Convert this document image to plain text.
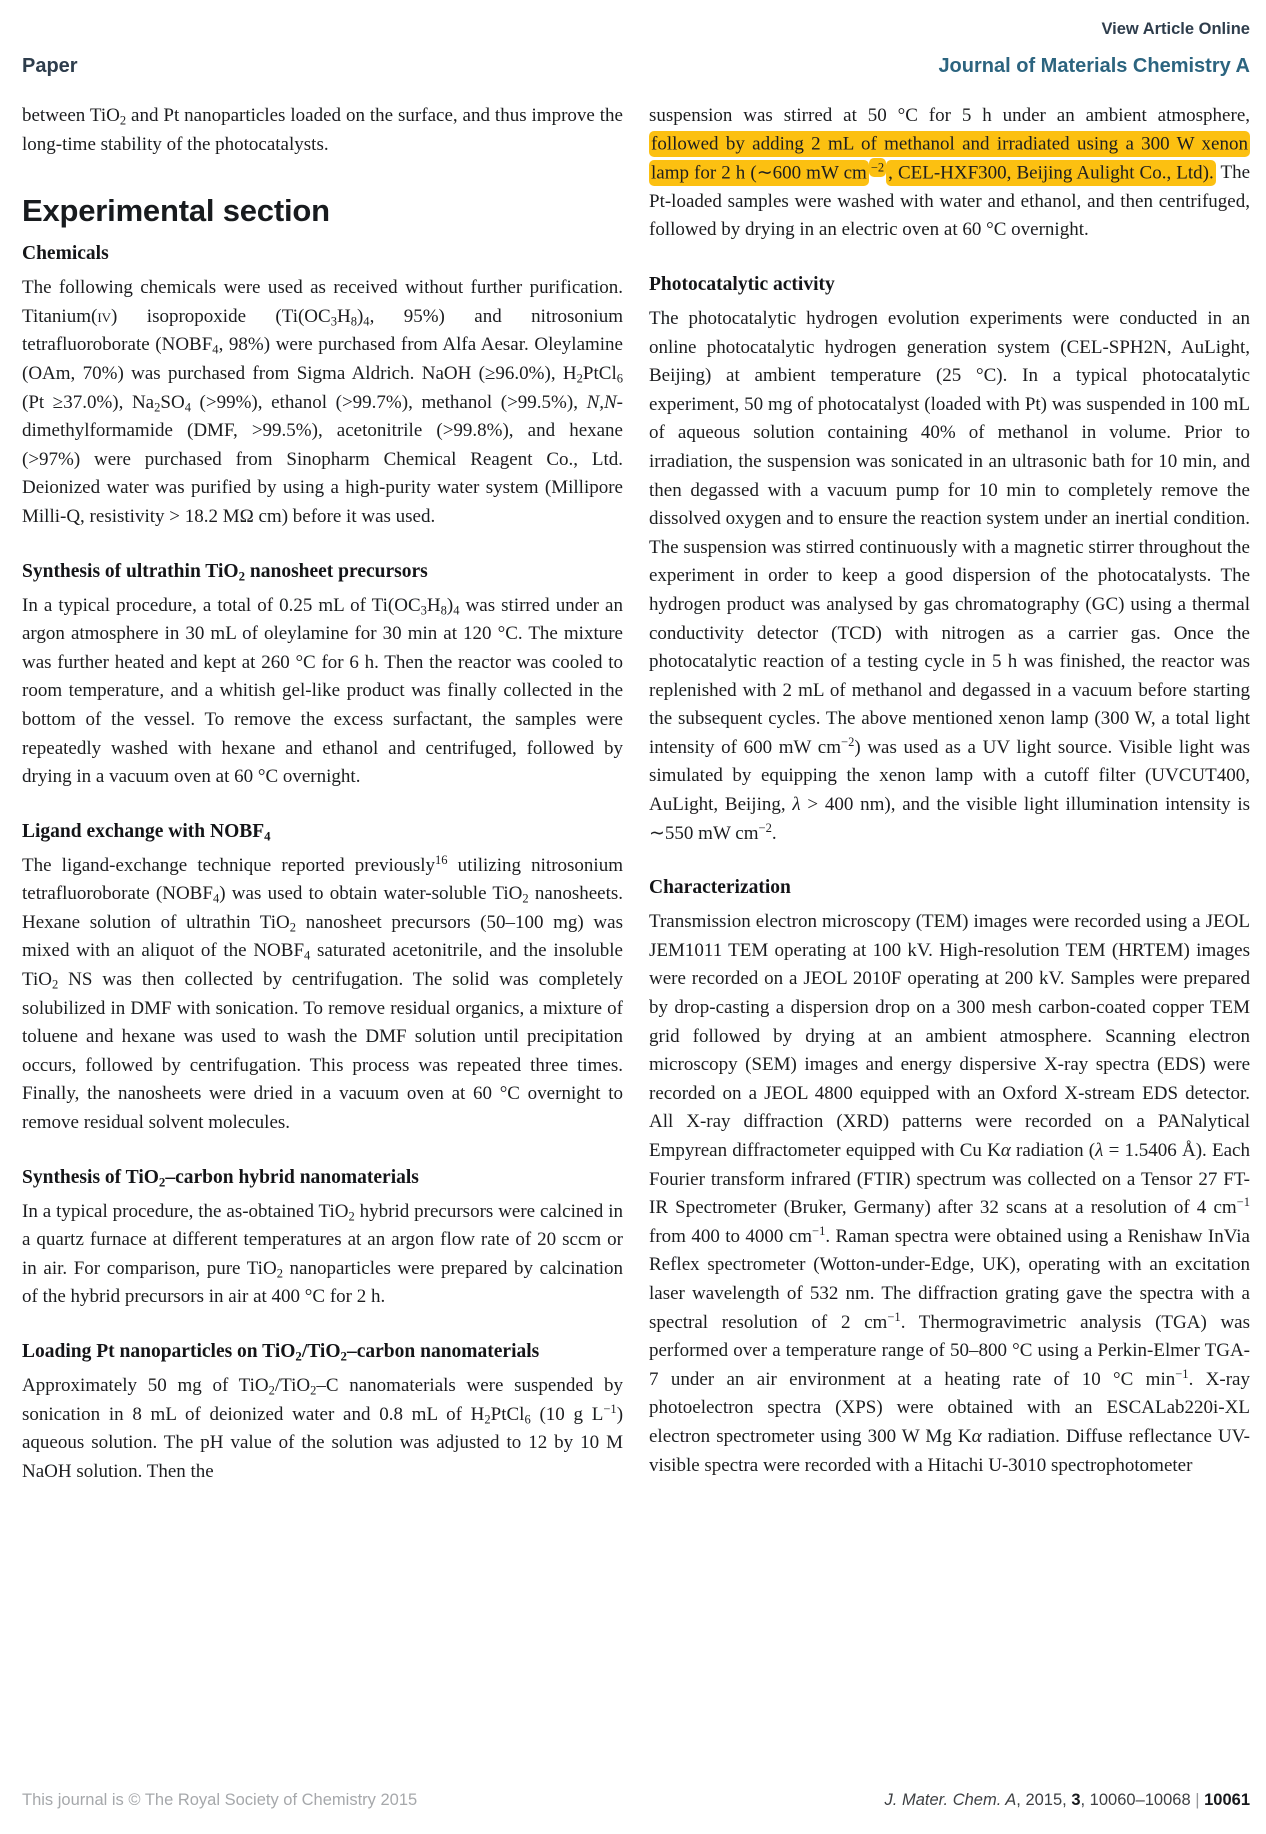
View Article Online
Paper	Journal of Materials Chemistry A

between TiO2 and Pt nanoparticles loaded on the surface, and thus improve the long-time stability of the photocatalysts.

Experimental section
Chemicals

The following chemicals were used as received without further purification. Titanium(iv) isopropoxide (Ti(OC3H8)4, 95%) and nitrosonium tetrafluoroborate (NOBF4, 98%) were purchased from Alfa Aesar. Oleylamine (OAm, 70%) was purchased from Sigma Aldrich. NaOH (≥96.0%), H2PtCl6 (Pt ≥37.0%), Na2SO4 (>99%), ethanol (>99.7%), methanol (>99.5%), N,N-dimethylformamide (DMF, >99.5%), acetonitrile (>99.8%), and hexane (>97%) were purchased from Sinopharm Chemical Reagent Co., Ltd. Deionized water was purified by using a high-purity water system (Millipore Milli-Q, resistivity > 18.2 MΩ cm) before it was used.

Synthesis of ultrathin TiO2 nanosheet precursors

In a typical procedure, a total of 0.25 mL of Ti(OC3H8)4 was stirred under an argon atmosphere in 30 mL of oleylamine for 30 min at 120 °C. The mixture was further heated and kept at 260 °C for 6 h. Then the reactor was cooled to room temperature, and a whitish gel-like product was finally collected in the bottom of the vessel. To remove the excess surfactant, the samples were repeatedly washed with hexane and ethanol and centrifuged, followed by drying in a vacuum oven at 60 °C overnight.

Ligand exchange with NOBF4

The ligand-exchange technique reported previously$^{16}$ utilizing nitrosonium tetrafluoroborate (NOBF4) was used to obtain water-soluble TiO2 nanosheets. Hexane solution of ultrathin TiO2 nanosheet precursors (50–100 mg) was mixed with an aliquot of the NOBF4 saturated acetonitrile, and the insoluble TiO2 NS was then collected by centrifugation. The solid was completely solubilized in DMF with sonication. To remove residual organics, a mixture of toluene and hexane was used to wash the DMF solution until precipitation occurs, followed by centrifugation. This process was repeated three times. Finally, the nanosheets were dried in a vacuum oven at 60 °C overnight to remove residual solvent molecules.

Synthesis of TiO2–carbon hybrid nanomaterials

In a typical procedure, the as-obtained TiO2 hybrid precursors were calcined in a quartz furnace at different temperatures at an argon flow rate of 20 sccm or in air. For comparison, pure TiO2 nanoparticles were prepared by calcination of the hybrid precursors in air at 400 °C for 2 h.

Loading Pt nanoparticles on TiO2/TiO2–carbon nanomaterials

Approximately 50 mg of TiO2/TiO2–C nanomaterials were suspended by sonication in 8 mL of deionized water and 0.8 mL of H2PtCl6 (10 g $L^{-1}$) aqueous solution. The pH value of the solution was adjusted to 12 by 10 M NaOH solution. Then the

suspension was stirred at 50 °C for 5 h under an ambient atmosphere, followed by adding 2 mL of methanol and irradiated using a 300 W xenon lamp for 2 h (∼600 mW cm $^{-2}$ , CEL-HXF300, Beijing Aulight Co., Ltd). The Pt-loaded samples were washed with water and ethanol, and then centrifuged, followed by drying in an electric oven at 60 °C overnight.

Photocatalytic activity

The photocatalytic hydrogen evolution experiments were conducted in an online photocatalytic hydrogen generation system (CEL-SPH2N, AuLight, Beijing) at ambient temperature (25 °C). In a typical photocatalytic experiment, 50 mg of photocatalyst (loaded with Pt) was suspended in 100 mL of aqueous solution containing 40% of methanol in volume. Prior to irradiation, the suspension was sonicated in an ultrasonic bath for 10 min, and then degassed with a vacuum pump for 10 min to completely remove the dissolved oxygen and to ensure the reaction system under an inertial condition. The suspension was stirred continuously with a magnetic stirrer throughout the experiment in order to keep a good dispersion of the photocatalysts. The hydrogen product was analysed by gas chromatography (GC) using a thermal conductivity detector (TCD) with nitrogen as a carrier gas. Once the photocatalytic reaction of a testing cycle in 5 h was finished, the reactor was replenished with 2 mL of methanol and degassed in a vacuum before starting the subsequent cycles. The above mentioned xenon lamp (300 W, a total light intensity of 600 mW $cm^{-2}$) was used as a UV light source. Visible light was simulated by equipping the xenon lamp with a cutoff filter (UVCUT400, AuLight, Beijing, λ > 400 nm), and the visible light illumination intensity is ∼550 mW $cm^{-2}$.

Characterization

Transmission electron microscopy (TEM) images were recorded using a JEOL JEM1011 TEM operating at 100 kV. High-resolution TEM (HRTEM) images were recorded on a JEOL 2010F operating at 200 kV. Samples were prepared by drop-casting a dispersion drop on a 300 mesh carbon-coated copper TEM grid followed by drying at an ambient atmosphere. Scanning electron microscopy (SEM) images and energy dispersive X-ray spectra (EDS) were recorded on a JEOL 4800 equipped with an Oxford X-stream EDS detector. All X-ray diffraction (XRD) patterns were recorded on a PANalytical Empyrean diffractometer equipped with Cu Kα radiation (λ = 1.5406 Å). Each Fourier transform infrared (FTIR) spectrum was collected on a Tensor 27 FT-IR Spectrometer (Bruker, Germany) after 32 scans at a resolution of 4 $cm^{-1}$ from 400 to 4000 $cm^{-1}$. Raman spectra were obtained using a Renishaw InVia Reflex spectrometer (Wotton-under-Edge, UK), operating with an excitation laser wavelength of 532 nm. The diffraction grating gave the spectra with a spectral resolution of 2 $cm^{-1}$. Thermogravimetric analysis (TGA) was performed over a temperature range of 50–800 °C using a Perkin-Elmer TGA-7 under an air environment at a heating rate of 10 °C $\min^{-1}$. X-ray photoelectron spectra (XPS) were obtained with an ESCALab220i-XL electron spectrometer using 300 W Mg Kα radiation. Diffuse reflectance UV-visible spectra were recorded with a Hitachi U-3010 spectrophotometer

This journal is © The Royal Society of Chemistry 2015	J. Mater. Chem. A, 2015, 3, 10060–10068 | 10061
